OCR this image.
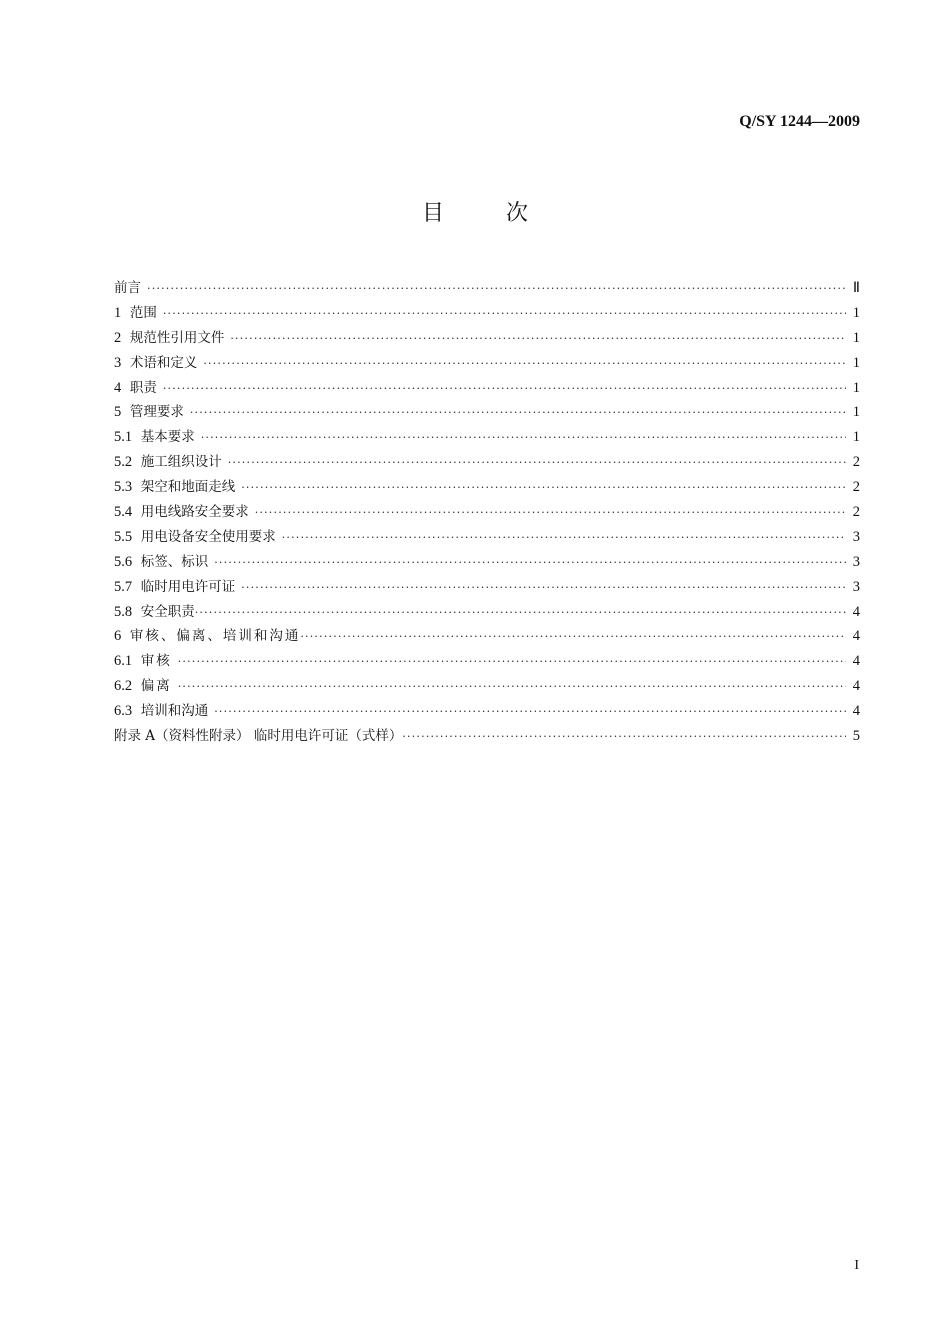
Q/SY 1244—2009
目	次
前言 ·····	Ⅱ
1 范围 ·····	1
2 规范性引用文件 ·····	1
3 术语和定义 ·····	1
4 职责 ·····	1
5 管理要求 ·····	1
5.1 基本要求 ·····	1
5.2 施工组织设计 ·····	2
5.3 架空和地面走线 ·····	2
5.4 用电线路安全要求 ·····	2
5.5 用电设备安全使用要求 ·····	3
5.6 标签、标识 ·····	3
5.7 临时用电许可证 ·····	3
5.8 安全职责 ·····	4
6 审核、偏离、培训和沟通 ·····	4
6.1 审核 ·····	4
6.2 偏离 ·····	4
6.3 培训和沟通 ·····	4
附录 A（资料性附录） 临时用电许可证（式样） ·····	5
I
